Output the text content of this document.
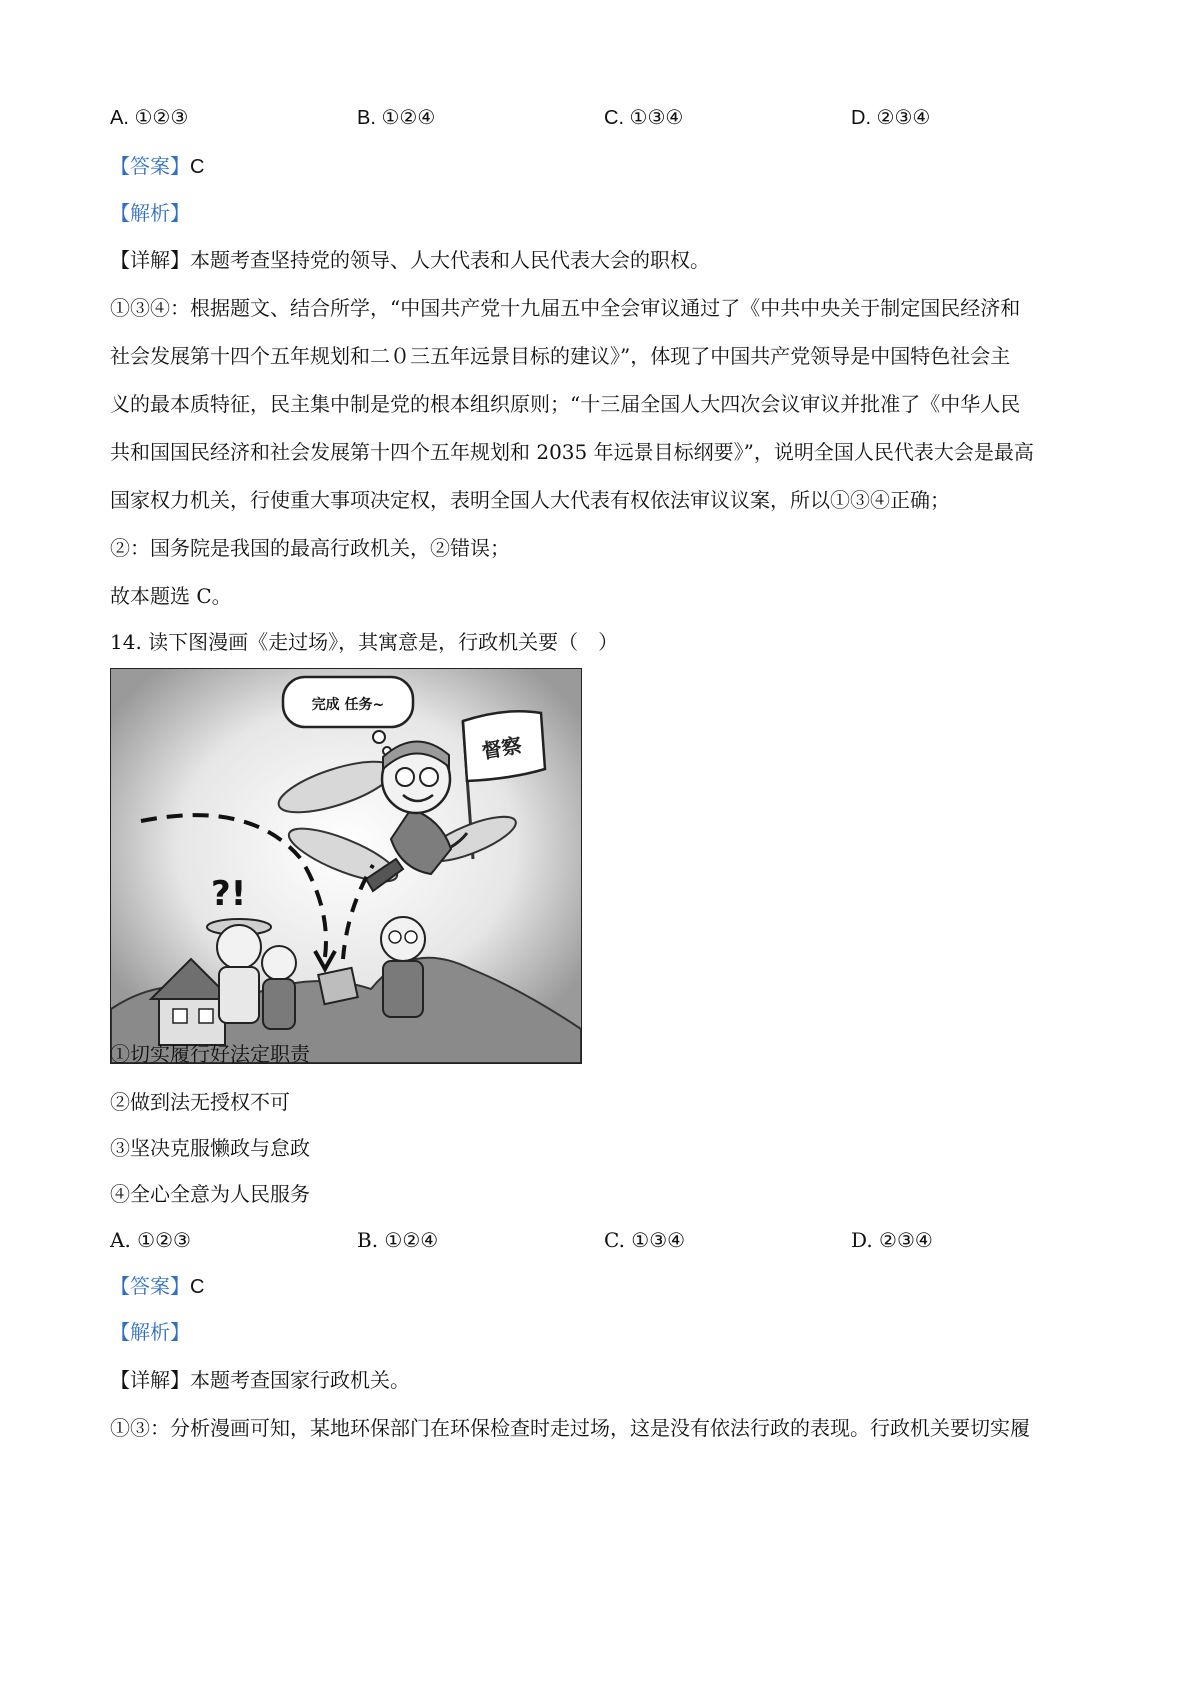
A. ①②③	B. ①②④	C. ①③④	D. ②③④
【答案】C
【解析】
【详解】本题考查坚持党的领导、人大代表和人民代表大会的职权。
①③④：根据题文、结合所学，“中国共产党十九届五中全会审议通过了《中共中央关于制定国民经济和
社会发展第十四个五年规划和二０三五年远景目标的建议》”，体现了中国共产党领导是中国特色社会主
义的最本质特征，民主集中制是党的根本组织原则；“十三届全国人大四次会议审议并批准了《中华人民
共和国国民经济和社会发展第十四个五年规划和 2035 年远景目标纲要》”，说明全国人民代表大会是最高
国家权力机关，行使重大事项决定权，表明全国人大代表有权依法审议议案，所以①③④正确；
②：国务院是我国的最高行政机关，②错误；
故本题选 C。
14. 读下图漫画《走过场》，其寓意是，行政机关要（　）
完成 任务~
督察
?!
①切实履行好法定职责
②做到法无授权不可
③坚决克服懒政与怠政
④全心全意为人民服务
A. ①②③	B. ①②④	C. ①③④	D. ②③④
【答案】C
【解析】
【详解】本题考查国家行政机关。
①③：分析漫画可知，某地环保部门在环保检查时走过场，这是没有依法行政的表现。行政机关要切实履
